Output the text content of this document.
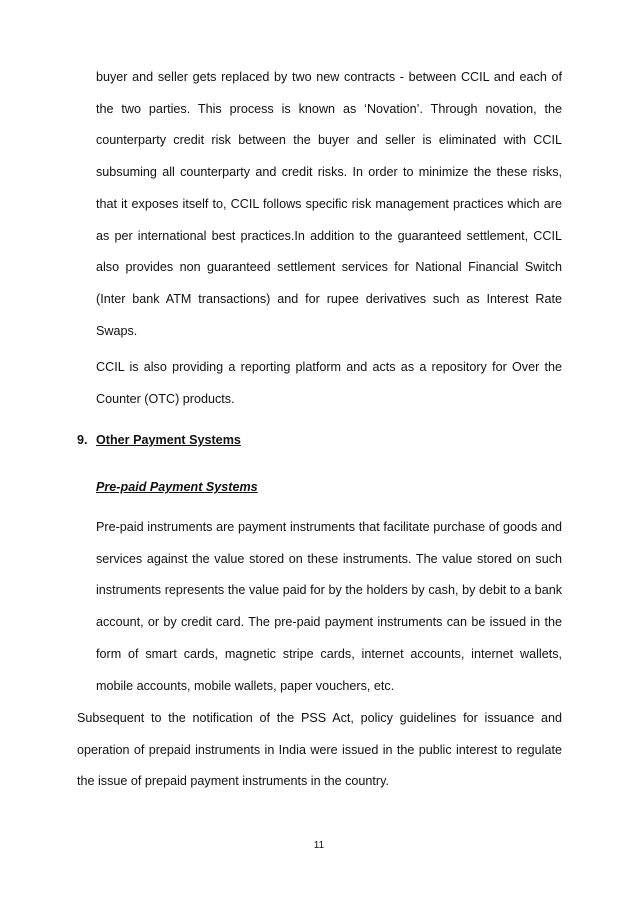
buyer and seller gets replaced by two new contracts - between CCIL and each of the two parties. This process is known as ‘Novation’. Through novation, the counterparty credit risk between the buyer and seller is eliminated with CCIL subsuming all counterparty and credit risks. In order to minimize the these risks, that it exposes itself to, CCIL follows specific risk management practices which are as per international best practices.In addition to the guaranteed settlement, CCIL also provides non guaranteed settlement services for National Financial Switch (Inter bank ATM transactions) and for rupee derivatives such as Interest Rate Swaps.

CCIL is also providing a reporting platform and acts as a repository for Over the Counter (OTC) products.

9. Other Payment Systems
Pre-paid Payment Systems

Pre-paid instruments are payment instruments that facilitate purchase of goods and services against the value stored on these instruments. The value stored on such instruments represents the value paid for by the holders by cash, by debit to a bank account, or by credit card. The pre-paid payment instruments can be issued in the form of smart cards, magnetic stripe cards, internet accounts, internet wallets, mobile accounts, mobile wallets, paper vouchers, etc.

Subsequent to the notification of the PSS Act, policy guidelines for issuance and operation of prepaid instruments in India were issued in the public interest to regulate the issue of prepaid payment instruments in the country.

11
